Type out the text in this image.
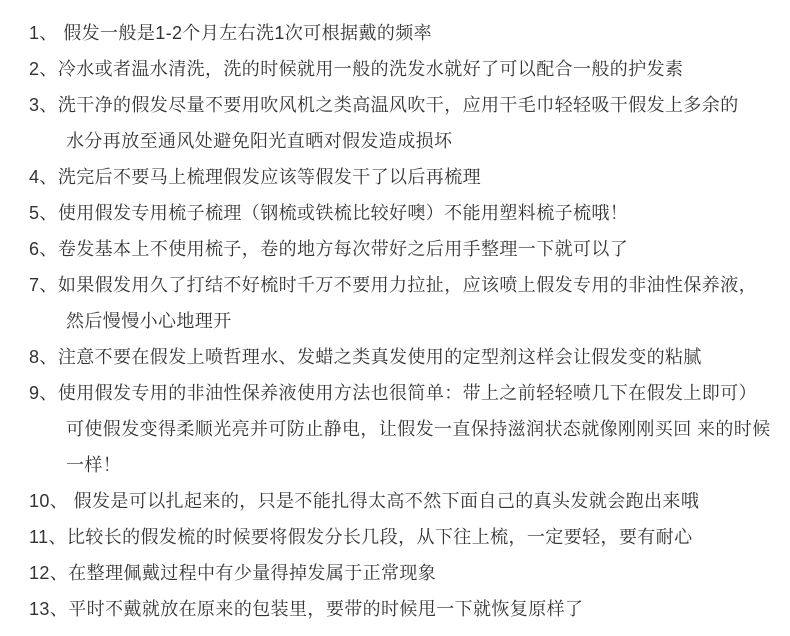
1、 假发一般是1-2个月左右洗1次可根据戴的频率
2、冷水或者温水清洗，洗的时候就用一般的洗发水就好了可以配合一般的护发素
3、洗干净的假发尽量不要用吹风机之类高温风吹干，应用干毛巾轻轻吸干假发上多余的
水分再放至通风处避免阳光直晒对假发造成损坏
4、洗完后不要马上梳理假发应该等假发干了以后再梳理
5、使用假发专用梳子梳理（钢梳或铁梳比较好噢）不能用塑料梳子梳哦！
6、卷发基本上不使用梳子，卷的地方每次带好之后用手整理一下就可以了
7、如果假发用久了打结不好梳时千万不要用力拉扯，应该喷上假发专用的非油性保养液，
然后慢慢小心地理开
8、注意不要在假发上喷哲理水、发蜡之类真发使用的定型剂这样会让假发变的粘腻
9、使用假发专用的非油性保养液使用方法也很简单：带上之前轻轻喷几下在假发上即可）
可使假发变得柔顺光亮并可防止静电，让假发一直保持滋润状态就像刚刚买回 来的时候
一样！
10、 假发是可以扎起来的，只是不能扎得太高不然下面自己的真头发就会跑出来哦
11、比较长的假发梳的时候要将假发分长几段，从下往上梳，一定要轻，要有耐心
12、在整理佩戴过程中有少量得掉发属于正常现象
13、平时不戴就放在原来的包装里，要带的时候甩一下就恢复原样了
